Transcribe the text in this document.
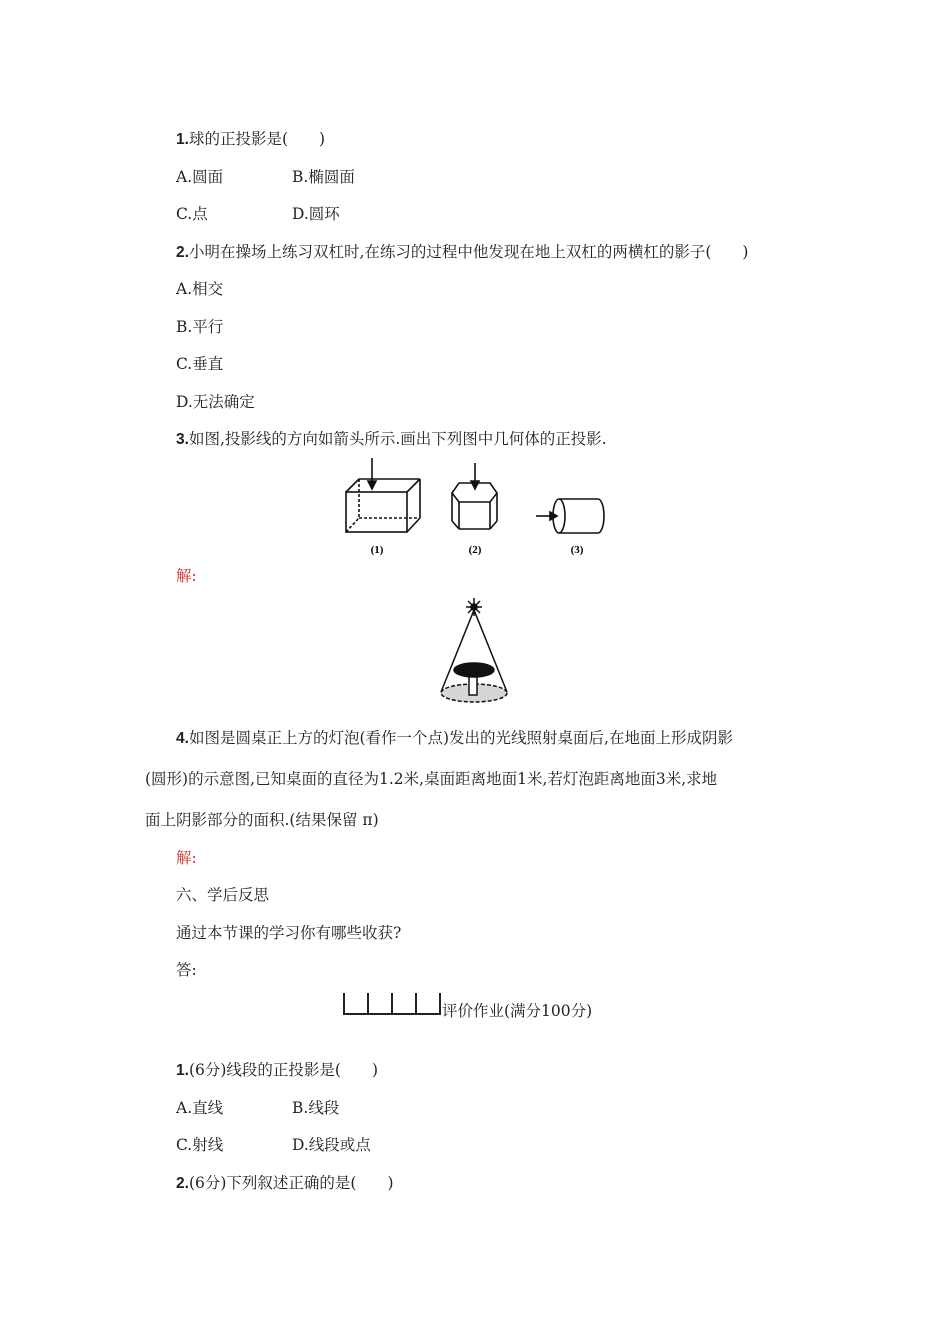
1.球的正投影是(　　)
A.圆面	B.椭圆面
C.点	D.圆环
2.小明在操场上练习双杠时,在练习的过程中他发现在地上双杠的两横杠的影子(　　)
A.相交
B.平行
C.垂直
D.无法确定
3.如图,投影线的方向如箭头所示.画出下列图中几何体的正投影.
(1)	(2)	(3)
解:
4.如图是圆桌正上方的灯泡(看作一个点)发出的光线照射桌面后,在地面上形成阴影
(圆形)的示意图,已知桌面的直径为1.2米,桌面距离地面1米,若灯泡距离地面3米,求地
面上阴影部分的面积.(结果保留 π)
解:
六、学后反思
通过本节课的学习你有哪些收获?
答:
评价作业(满分100分)
1.(6分)线段的正投影是(　　)
A.直线	B.线段
C.射线	D.线段或点
2.(6分)下列叙述正确的是(　　)
